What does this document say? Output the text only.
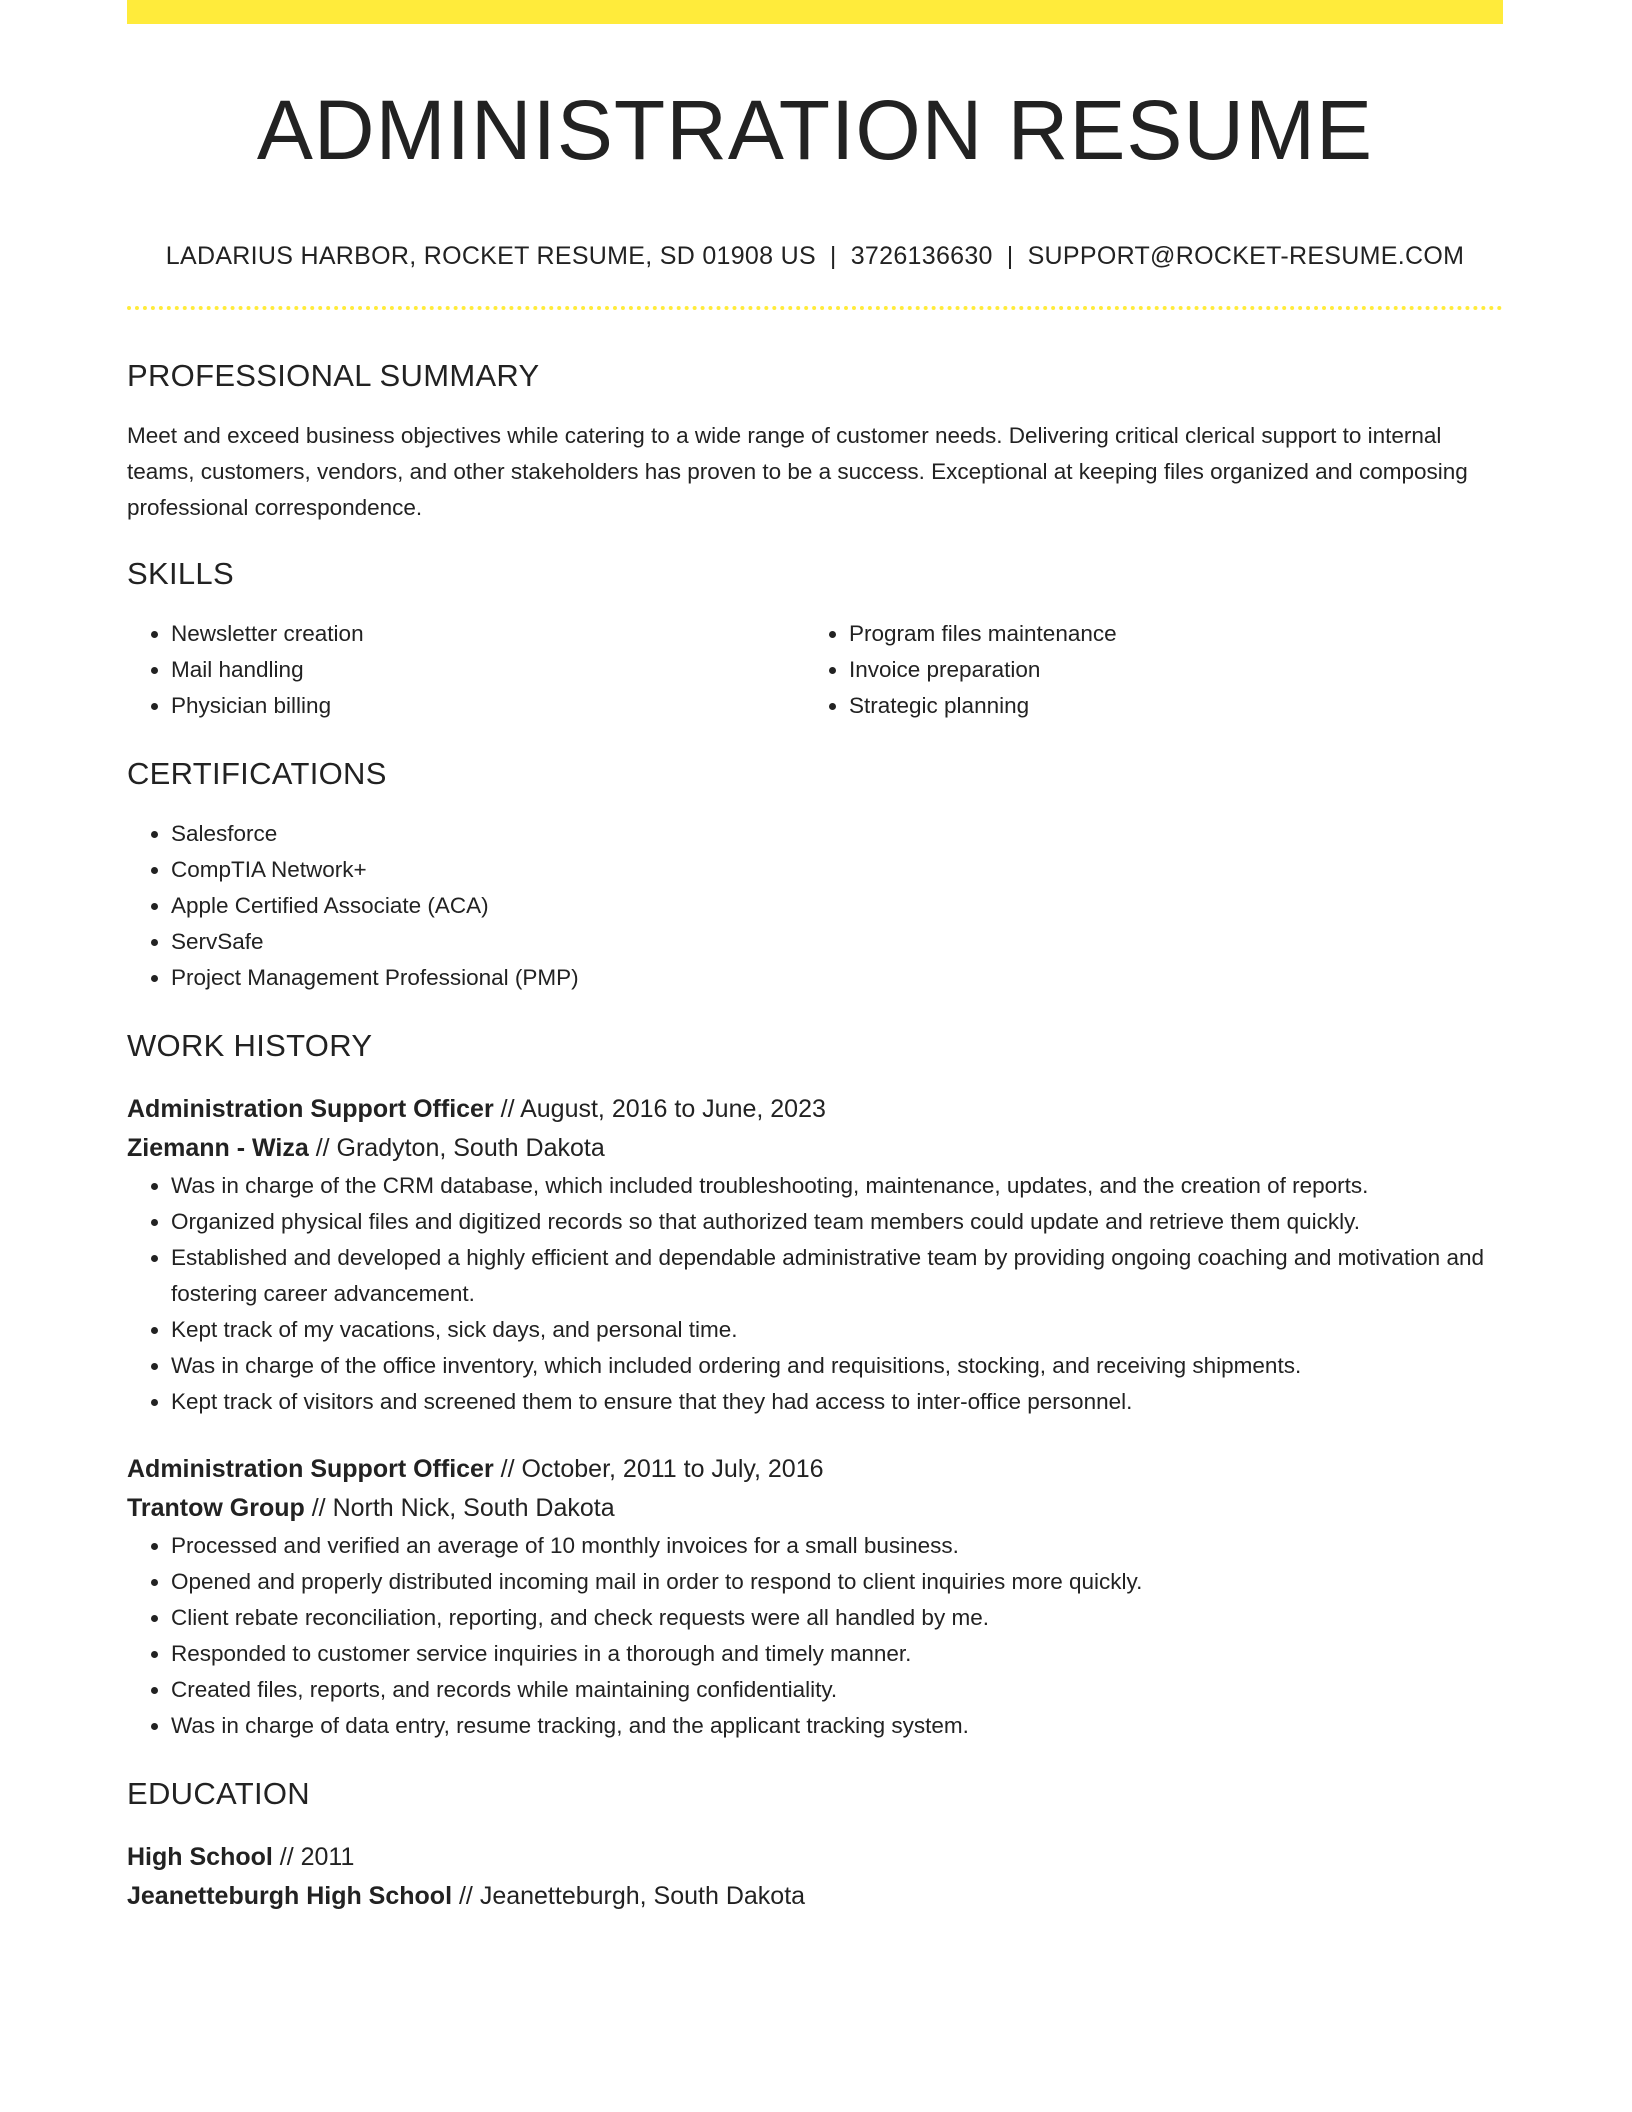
ADMINISTRATION RESUME
LADARIUS HARBOR, ROCKET RESUME, SD 01908 US | 3726136630 | SUPPORT@ROCKET-RESUME.COM
PROFESSIONAL SUMMARY

Meet and exceed business objectives while catering to a wide range of customer needs. Delivering critical clerical support to internal teams, customers, vendors, and other stakeholders has proven to be a success. Exceptional at keeping files organized and composing professional correspondence.

SKILLS
• Newsletter creation
• Mail handling
• Physician billing
• Program files maintenance
• Invoice preparation
• Strategic planning
CERTIFICATIONS
• Salesforce
• CompTIA Network+
• Apple Certified Associate (ACA)
• ServSafe
• Project Management Professional (PMP)
WORK HISTORY
Administration Support Officer // August, 2016 to June, 2023
Ziemann - Wiza // Gradyton, South Dakota
• Was in charge of the CRM database, which included troubleshooting, maintenance, updates, and the creation of reports.
• Organized physical files and digitized records so that authorized team members could update and retrieve them quickly.
• Established and developed a highly efficient and dependable administrative team by providing ongoing coaching and motivation and fostering career advancement.
• Kept track of my vacations, sick days, and personal time.
• Was in charge of the office inventory, which included ordering and requisitions, stocking, and receiving shipments.
• Kept track of visitors and screened them to ensure that they had access to inter-office personnel.
Administration Support Officer // October, 2011 to July, 2016
Trantow Group // North Nick, South Dakota
• Processed and verified an average of 10 monthly invoices for a small business.
• Opened and properly distributed incoming mail in order to respond to client inquiries more quickly.
• Client rebate reconciliation, reporting, and check requests were all handled by me.
• Responded to customer service inquiries in a thorough and timely manner.
• Created files, reports, and records while maintaining confidentiality.
• Was in charge of data entry, resume tracking, and the applicant tracking system.
EDUCATION
High School // 2011
Jeanetteburgh High School // Jeanetteburgh, South Dakota
